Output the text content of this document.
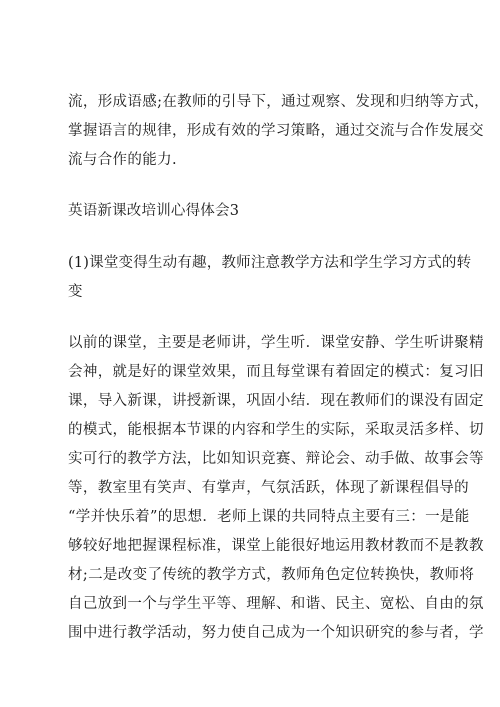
流，形成语感;在教师的引导下，通过观察、发现和归纳等方式，
掌握语言的规律，形成有效的学习策略，通过交流与合作发展交
流与合作的能力.
英语新课改培训心得体会3
(1)课堂变得生动有趣，教师注意教学方法和学生学习方式的转
变
以前的课堂，主要是老师讲，学生听．课堂安静、学生听讲聚精
会神，就是好的课堂效果，而且每堂课有着固定的模式：复习旧
课，导入新课，讲授新课，巩固小结．现在教师们的课没有固定
的模式，能根据本节课的内容和学生的实际，采取灵活多样、切
实可行的教学方法，比如知识竞赛、辩论会、动手做、故事会等
等，教室里有笑声、有掌声，气氛活跃，体现了新课程倡导的
“学并快乐着”的思想．老师上课的共同特点主要有三：一是能
够较好地把握课程标准，课堂上能很好地运用教材教而不是教教
材;二是改变了传统的教学方式，教师角色定位转换快，教师将
自己放到一个与学生平等、理解、和谐、民主、宽松、自由的氛
围中进行教学活动，努力使自己成为一个知识研究的参与者，学
